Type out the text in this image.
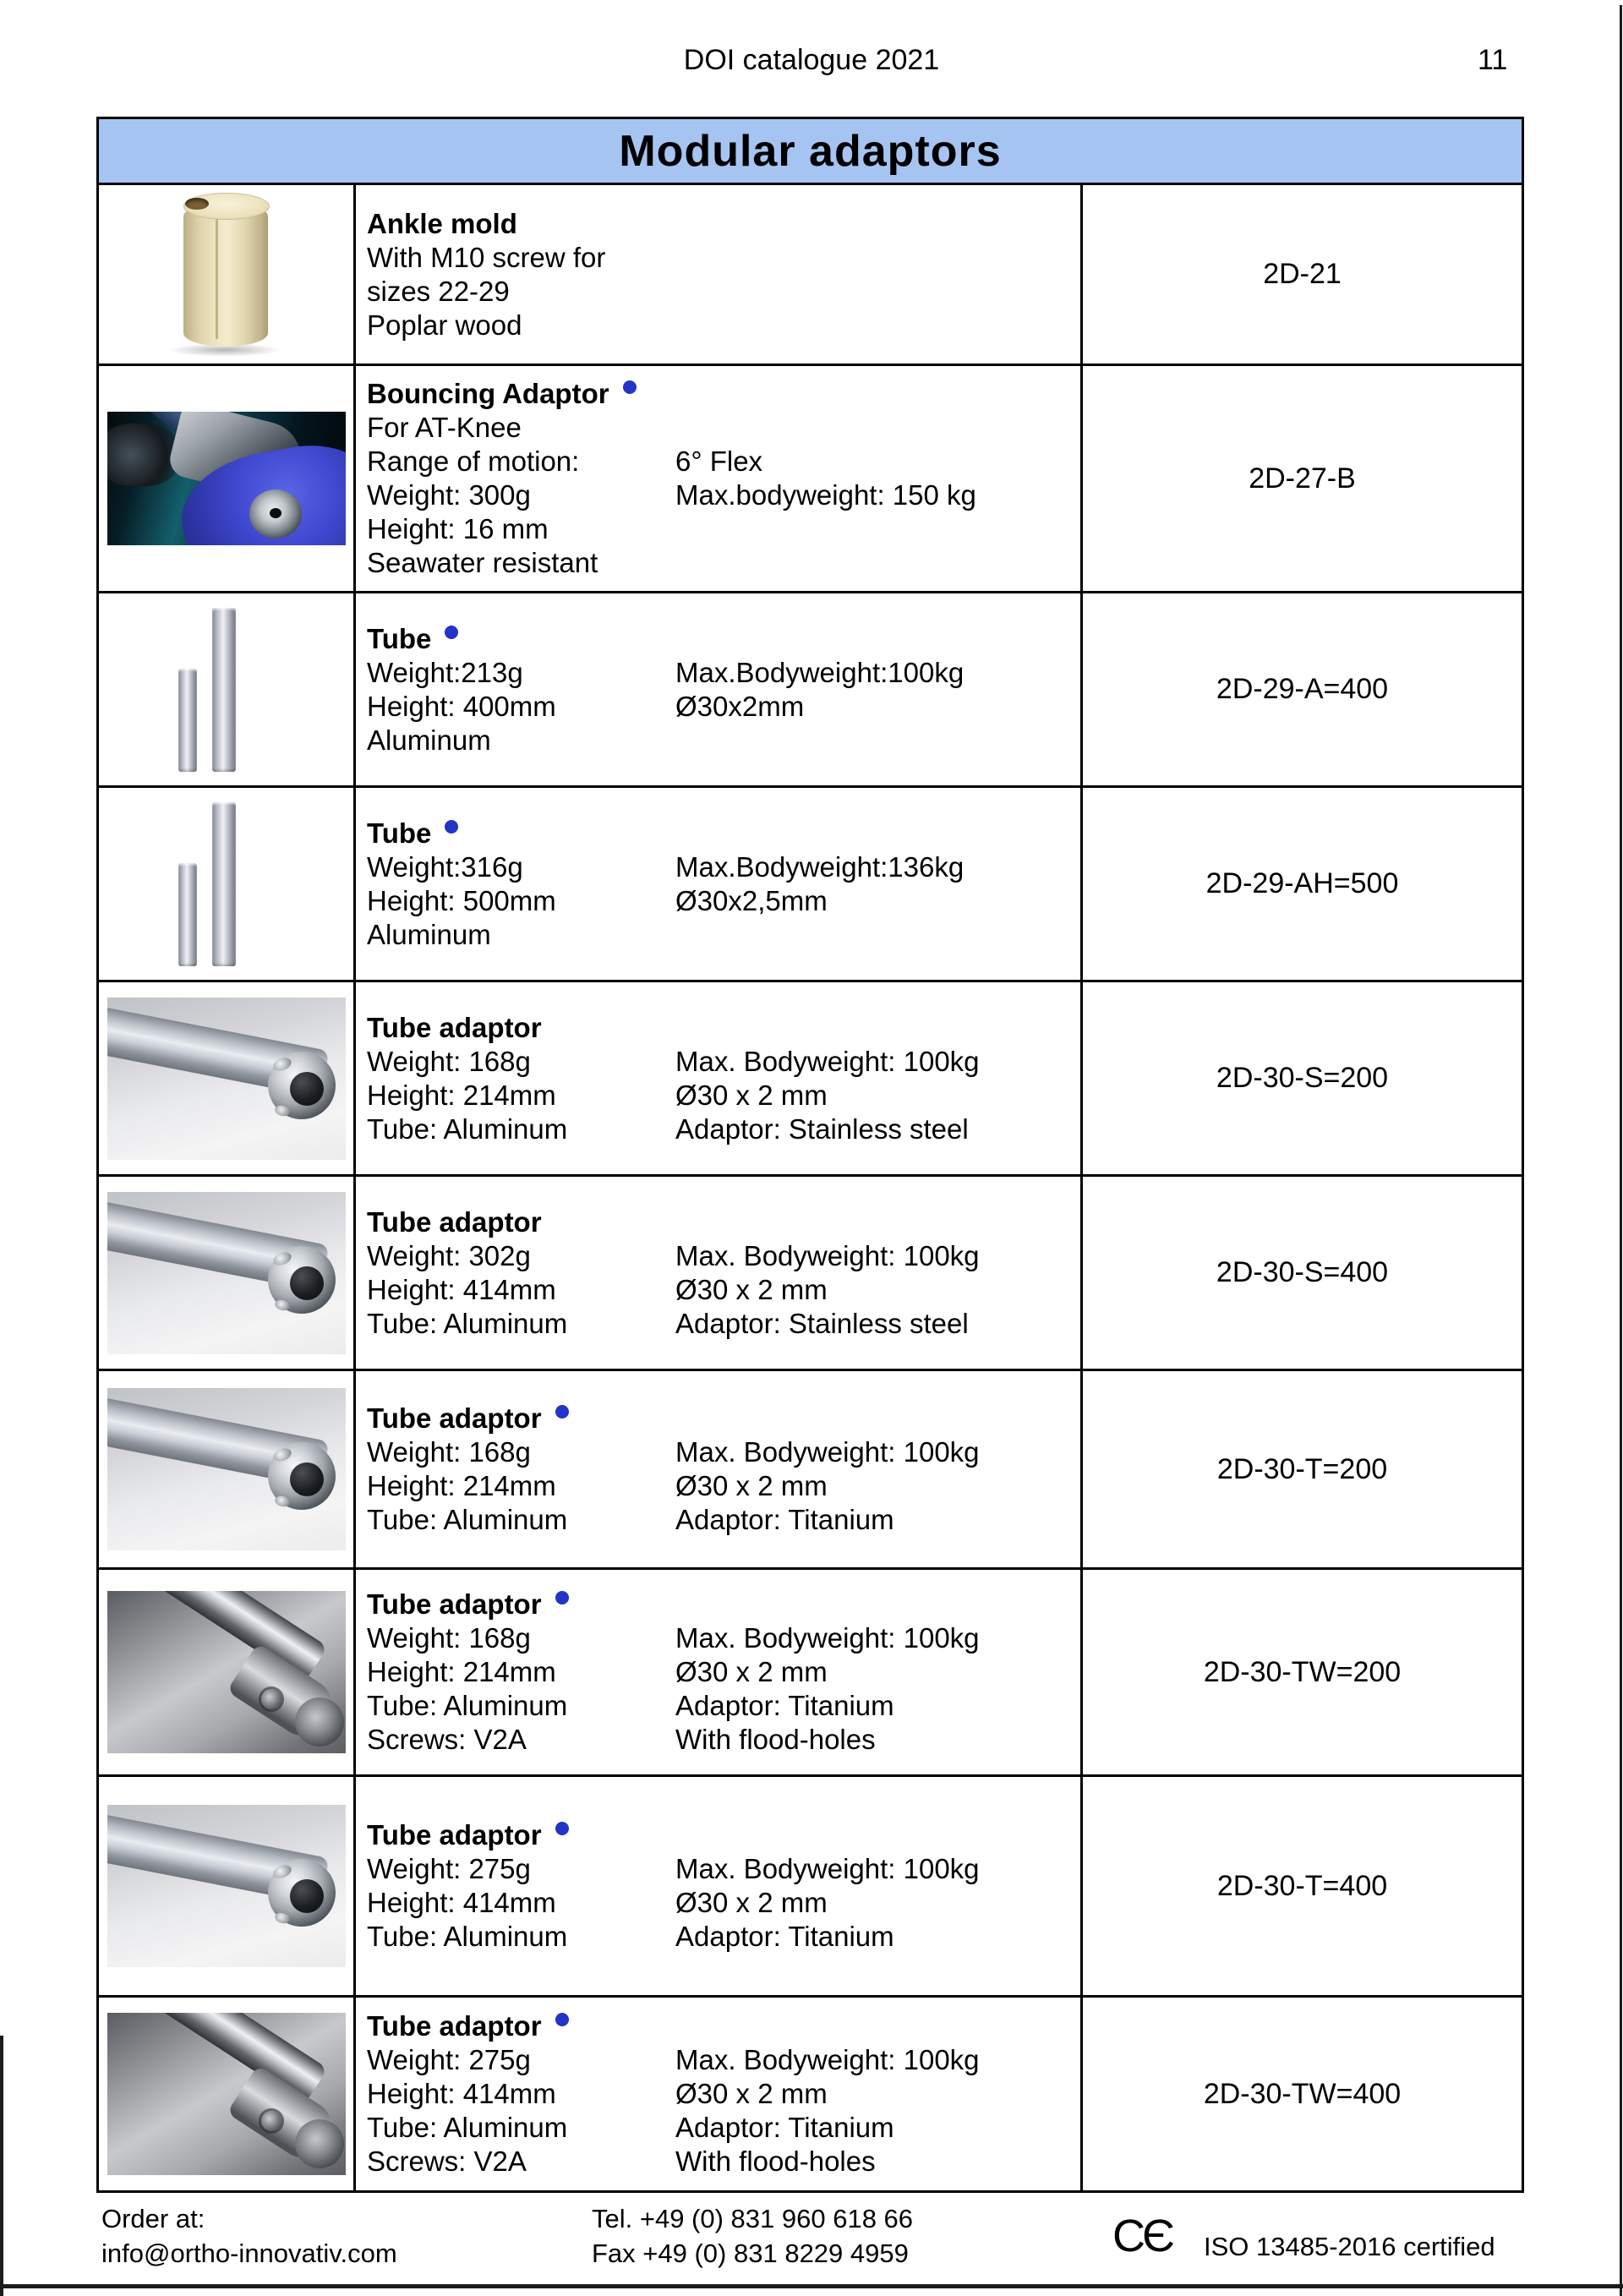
DOI catalogue 2021	11
Modular adaptors
Ankle mold
With M10 screw for sizes 22-29
Poplar wood
2D-21
Bouncing Adaptor
For AT-Knee
Range of motion:	6° Flex
Weight: 300g	Max.bodyweight: 150 kg
Height: 16 mm
Seawater resistant
2D-27-B
Tube
Weight:213g	Max.Bodyweight:100kg
Height: 400mm	Ø30x2mm
Aluminum
2D-29-A=400
Tube
Weight:316g	Max.Bodyweight:136kg
Height: 500mm	Ø30x2,5mm
Aluminum
2D-29-AH=500
Tube adaptor
Weight: 168g	Max. Bodyweight: 100kg
Height: 214mm	Ø30 x 2 mm
Tube: Aluminum	Adaptor: Stainless steel
2D-30-S=200
Tube adaptor
Weight: 302g	Max. Bodyweight: 100kg
Height: 414mm	Ø30 x 2 mm
Tube: Aluminum	Adaptor: Stainless steel
2D-30-S=400
Tube adaptor
Weight: 168g	Max. Bodyweight: 100kg
Height: 214mm	Ø30 x 2 mm
Tube: Aluminum	Adaptor: Titanium
2D-30-T=200
Tube adaptor
Weight: 168g	Max. Bodyweight: 100kg
Height: 214mm	Ø30 x 2 mm
Tube: Aluminum	Adaptor: Titanium
Screws: V2A	With flood-holes
2D-30-TW=200
Tube adaptor
Weight: 275g	Max. Bodyweight: 100kg
Height: 414mm	Ø30 x 2 mm
Tube: Aluminum	Adaptor: Titanium
2D-30-T=400
Tube adaptor
Weight: 275g	Max. Bodyweight: 100kg
Height: 414mm	Ø30 x 2 mm
Tube: Aluminum	Adaptor: Titanium
Screws: V2A	With flood-holes
2D-30-TW=400
Order at:
info@ortho-innovativ.com
Tel. +49 (0) 831 960 618 66
Fax +49 (0) 831 8229 4959	CЄ ISO 13485-2016 certified
